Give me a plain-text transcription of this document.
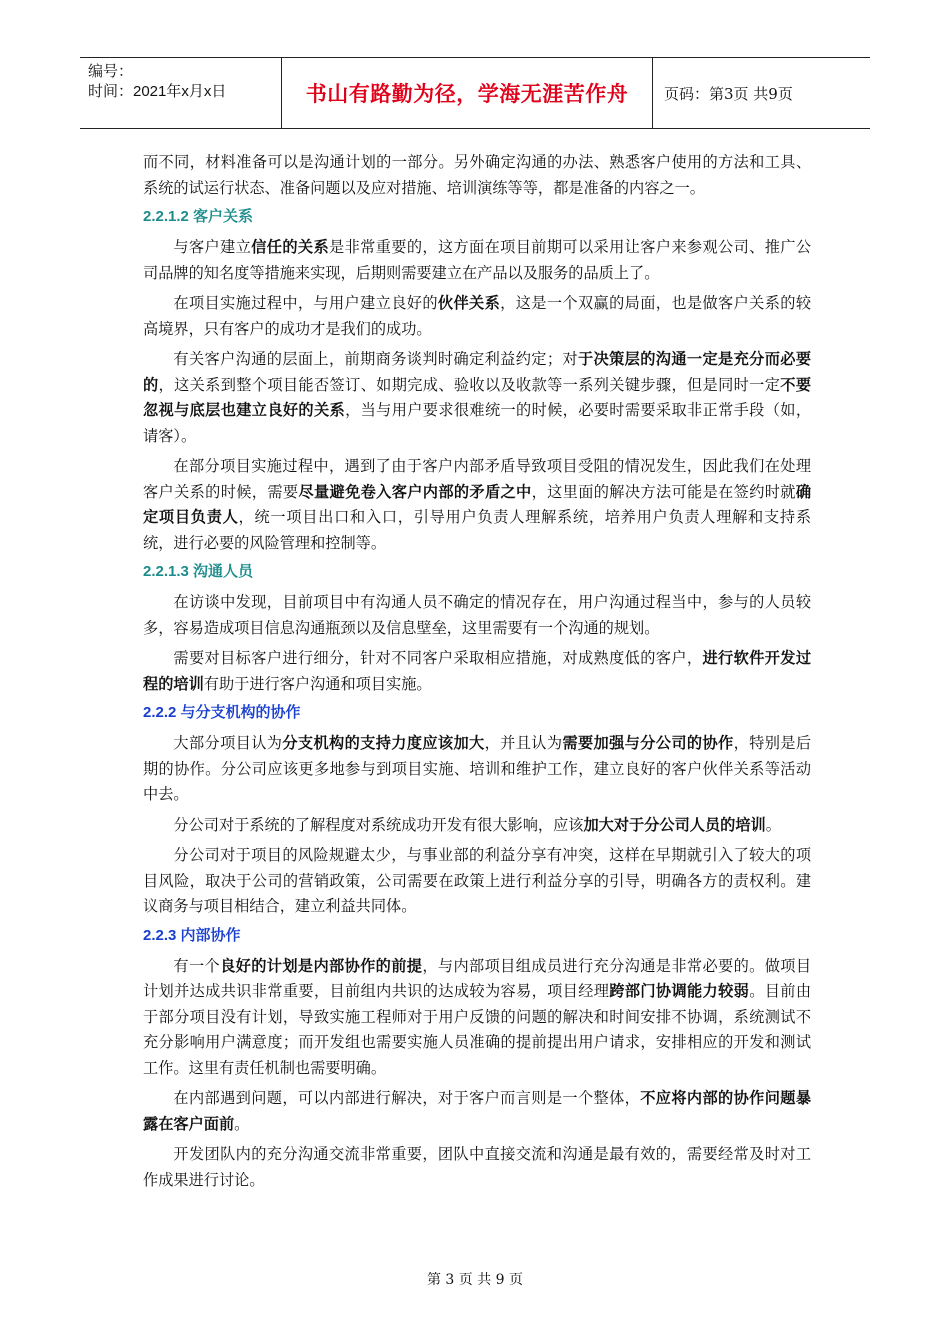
编号：
时间：2021年x月x日	书山有路勤为径，学海无涯苦作舟	页码：第3页 共9页

而不同，材料准备可以是沟通计划的一部分。另外确定沟通的办法、熟悉客户使用的方法和工具、系统的试运行状态、准备问题以及应对措施、培训演练等等，都是准备的内容之一。

2.2.1.2 客户关系

与客户建立信任的关系是非常重要的，这方面在项目前期可以采用让客户来参观公司、推广公司品牌的知名度等措施来实现，后期则需要建立在产品以及服务的品质上了。

在项目实施过程中，与用户建立良好的伙伴关系，这是一个双赢的局面，也是做客户关系的较高境界，只有客户的成功才是我们的成功。

有关客户沟通的层面上，前期商务谈判时确定利益约定；对于决策层的沟通一定是充分而必要的，这关系到整个项目能否签订、如期完成、验收以及收款等一系列关键步骤，但是同时一定不要忽视与底层也建立良好的关系，当与用户要求很难统一的时候，必要时需要采取非正常手段（如，请客）。

在部分项目实施过程中，遇到了由于客户内部矛盾导致项目受阻的情况发生，因此我们在处理客户关系的时候，需要尽量避免卷入客户内部的矛盾之中，这里面的解决方法可能是在签约时就确定项目负责人，统一项目出口和入口，引导用户负责人理解系统，培养用户负责人理解和支持系统，进行必要的风险管理和控制等。

2.2.1.3 沟通人员

在访谈中发现，目前项目中有沟通人员不确定的情况存在，用户沟通过程当中，参与的人员较多，容易造成项目信息沟通瓶颈以及信息壁垒，这里需要有一个沟通的规划。

需要对目标客户进行细分，针对不同客户采取相应措施，对成熟度低的客户，进行软件开发过程的培训有助于进行客户沟通和项目实施。

2.2.2 与分支机构的协作

大部分项目认为分支机构的支持力度应该加大，并且认为需要加强与分公司的协作，特别是后期的协作。分公司应该更多地参与到项目实施、培训和维护工作，建立良好的客户伙伴关系等活动中去。

分公司对于系统的了解程度对系统成功开发有很大影响，应该加大对于分公司人员的培训。

分公司对于项目的风险规避太少，与事业部的利益分享有冲突，这样在早期就引入了较大的项目风险，取决于公司的营销政策，公司需要在政策上进行利益分享的引导，明确各方的责权利。建议商务与项目相结合，建立利益共同体。

2.2.3 内部协作

有一个良好的计划是内部协作的前提，与内部项目组成员进行充分沟通是非常必要的。做项目计划并达成共识非常重要，目前组内共识的达成较为容易，项目经理跨部门协调能力较弱。目前由于部分项目没有计划，导致实施工程师对于用户反馈的问题的解决和时间安排不协调，系统测试不充分影响用户满意度；而开发组也需要实施人员准确的提前提出用户请求，安排相应的开发和测试工作。这里有责任机制也需要明确。

在内部遇到问题，可以内部进行解决，对于客户而言则是一个整体，不应将内部的协作问题暴露在客户面前。

开发团队内的充分沟通交流非常重要，团队中直接交流和沟通是最有效的，需要经常及时对工作成果进行讨论。

第 3 页 共 9 页
